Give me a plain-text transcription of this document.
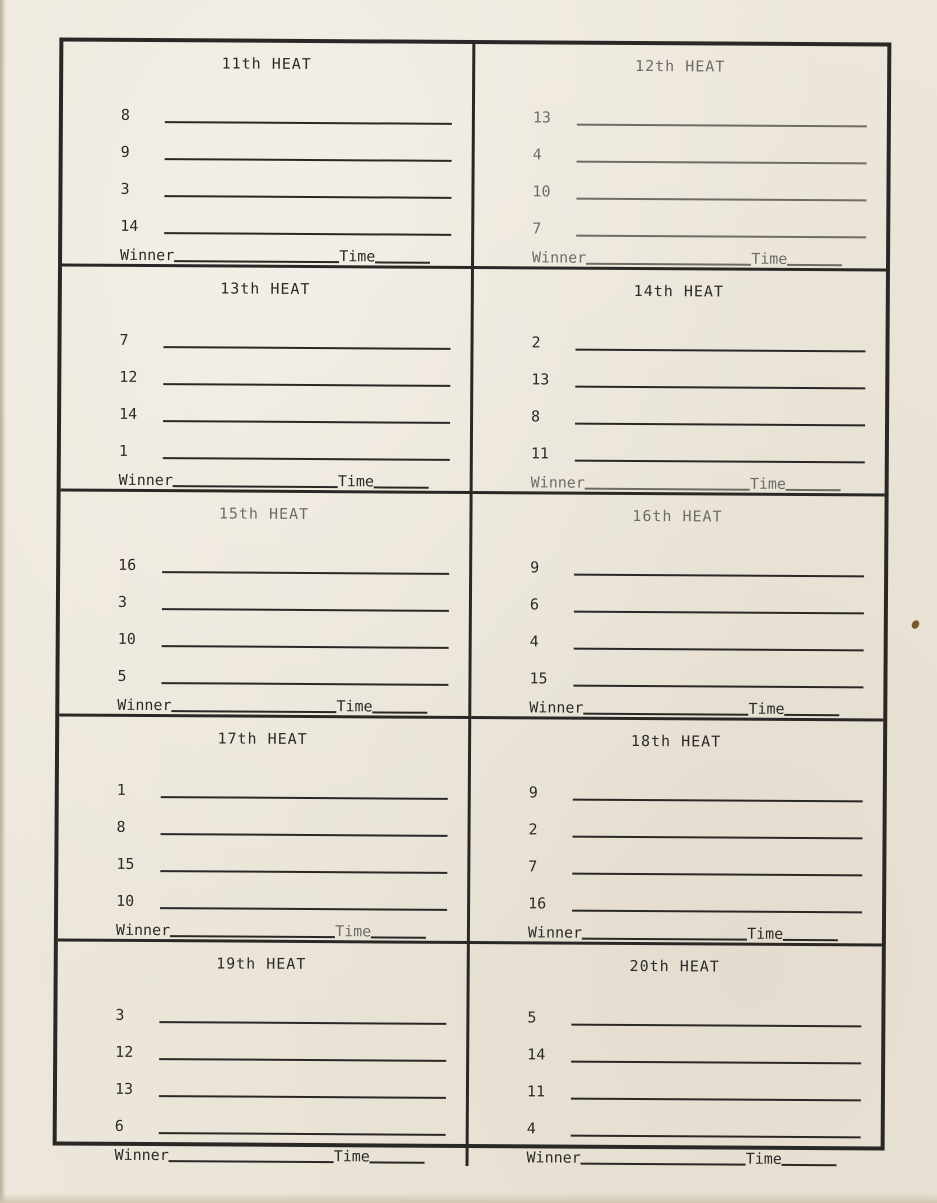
11th HEAT
8
9
3
14
Winner	Time
12th HEAT
13
4
10
7
Winner	Time
13th HEAT
7
12
14
1
Winner	Time
14th HEAT
2
13
8
11
Winner	Time
15th HEAT
16
3
10
5
Winner	Time
16th HEAT
9
6
4
15
Winner	Time
17th HEAT
1
8
15
10
Winner	Time
18th HEAT
9
2
7
16
Winner	Time
19th HEAT
3
12
13
6
Winner	Time
20th HEAT
5
14
11
4
Winner	Time
